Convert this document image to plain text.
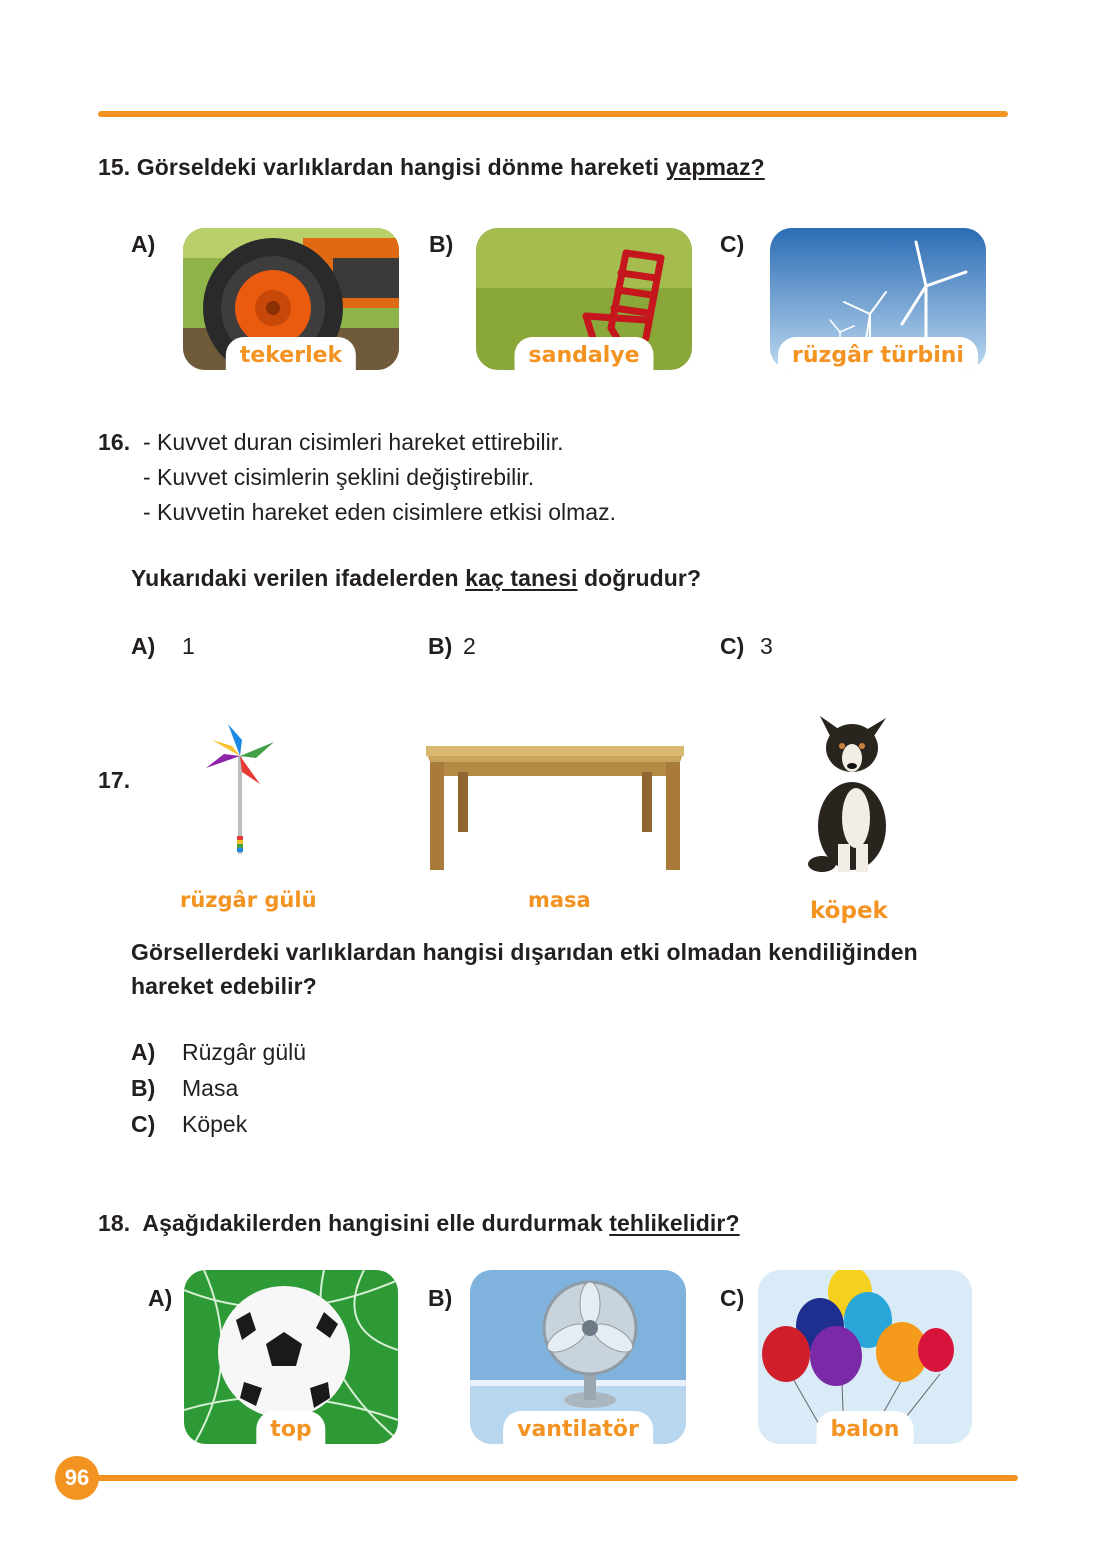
15. Görseldeki varlıklardan hangisi dönme hareketi yapmaz?
A)
tekerlek
B)
sandalye
C)
rüzgâr türbini
16. - Kuvvet duran cisimleri hareket ettirebilir.
- Kuvvet cisimlerin şeklini değiştirebilir.
- Kuvvetin hareket eden cisimlere etkisi olmaz.
Yukarıdaki verilen ifadelerden kaç tanesi doğrudur?
A) 1	B) 2	C) 3
17.
rüzgâr gülü	masa	köpek
Görsellerdeki varlıklardan hangisi dışarıdan etki olmadan kendiliğinden
hareket edebilir?
A) Rüzgâr gülü
B) Masa
C) Köpek
18. Aşağıdakilerden hangisini elle durdurmak tehlikelidir?
A)
top
B)
vantilatör
C)
balon
96
